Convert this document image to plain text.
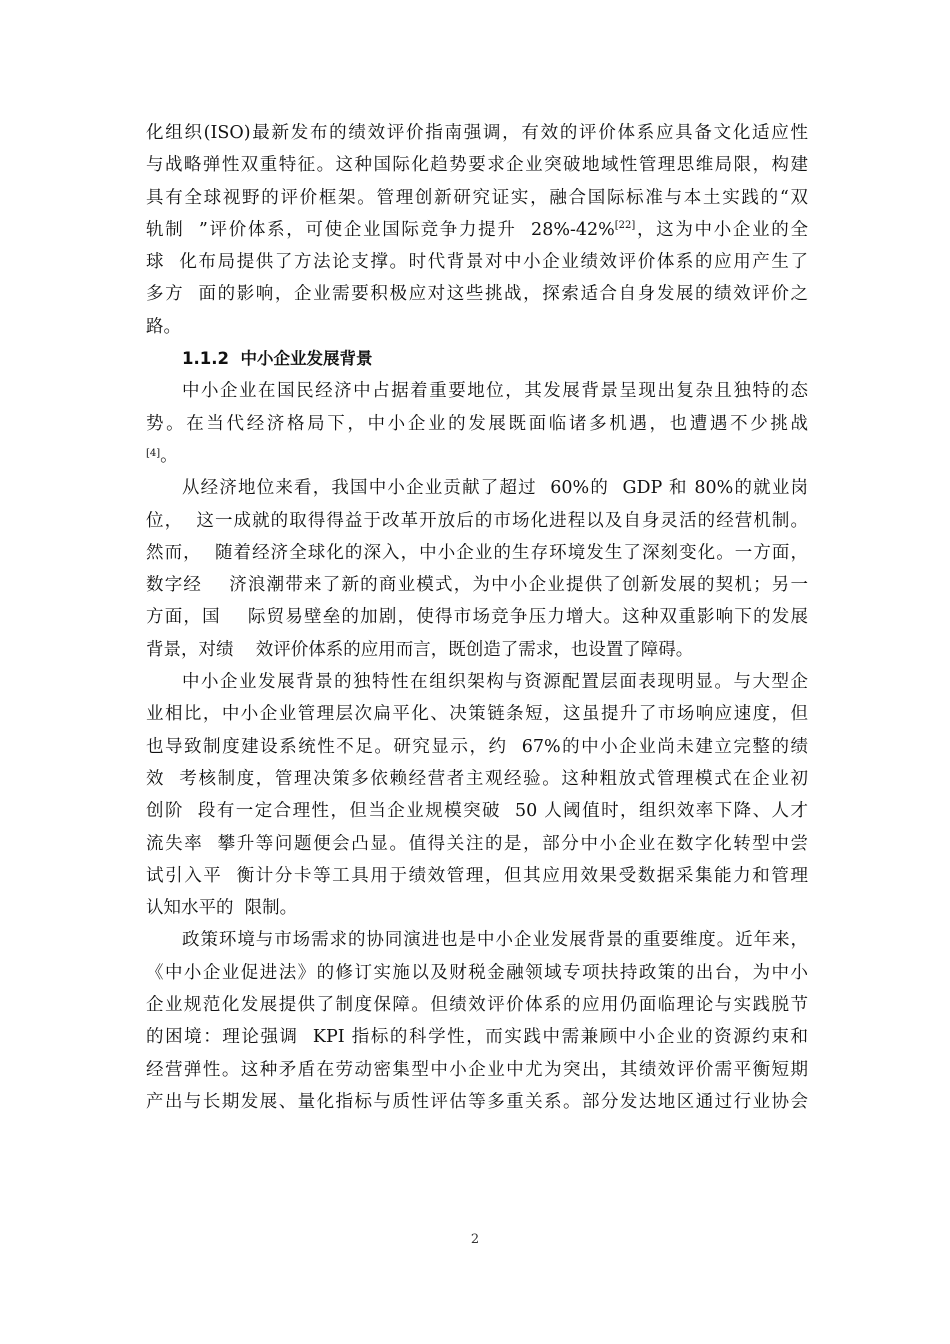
化组织(ISO)最新发布的绩效评价指南强调，有效的评价体系应具备文化适应性
与战略弹性双重特征。这种国际化趋势要求企业突破地域性管理思维局限，构建
具有全球视野的评价框架。管理创新研究证实，融合国际标准与本土实践的“双
轨制  ”评价体系，可使企业国际竞争力提升  28%-42%[22]，这为中小企业的全
球  化布局提供了方法论支撑。时代背景对中小企业绩效评价体系的应用产生了
多方  面的影响，企业需要积极应对这些挑战，探索适合自身发展的绩效评价之
路。
1.1.2 中小企业发展背景
中小企业在国民经济中占据着重要地位，其发展背景呈现出复杂且独特的态
势。在当代经济格局下，中小企业的发展既面临诸多机遇，也遭遇不少挑战
[4]。
从经济地位来看，我国中小企业贡献了超过  60%的  GDP 和 80%的就业岗
位，  这一成就的取得得益于改革开放后的市场化进程以及自身灵活的经营机制。
然而，  随着经济全球化的深入，中小企业的生存环境发生了深刻变化。一方面，
数字经    济浪潮带来了新的商业模式，为中小企业提供了创新发展的契机；另一
方面，国    际贸易壁垒的加剧，使得市场竞争压力增大。这种双重影响下的发展
背景，对绩    效评价体系的应用而言，既创造了需求，也设置了障碍。
中小企业发展背景的独特性在组织架构与资源配置层面表现明显。与大型企
业相比，中小企业管理层次扁平化、决策链条短，这虽提升了市场响应速度，但
也导致制度建设系统性不足。研究显示，约  67%的中小企业尚未建立完整的绩
效  考核制度，管理决策多依赖经营者主观经验。这种粗放式管理模式在企业初
创阶  段有一定合理性，但当企业规模突破  50 人阈值时，组织效率下降、人才
流失率  攀升等问题便会凸显。值得关注的是，部分中小企业在数字化转型中尝
试引入平  衡计分卡等工具用于绩效管理，但其应用效果受数据采集能力和管理
认知水平的  限制。
政策环境与市场需求的协同演进也是中小企业发展背景的重要维度。近年来，
《中小企业促进法》的修订实施以及财税金融领域专项扶持政策的出台，为中小
企业规范化发展提供了制度保障。但绩效评价体系的应用仍面临理论与实践脱节
的困境：理论强调  KPI 指标的科学性，而实践中需兼顾中小企业的资源约束和
经营弹性。这种矛盾在劳动密集型中小企业中尤为突出，其绩效评价需平衡短期
产出与长期发展、量化指标与质性评估等多重关系。部分发达地区通过行业协会
2
